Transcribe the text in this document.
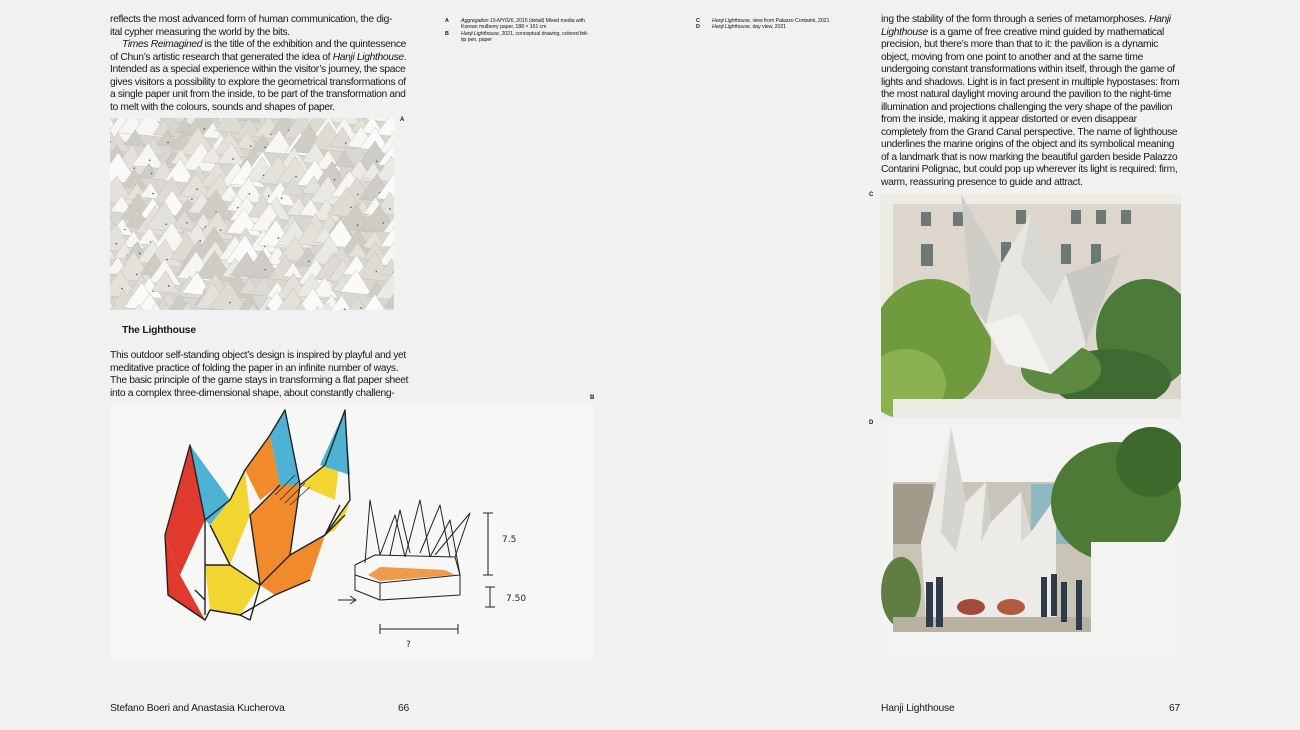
reflects the most advanced form of human communication, the dig-
ital cypher measuring the world by the bits.

Times Reimagined is the title of the exhibition and the quintessence of Chun’s artistic research that generated the idea of Hanji Lighthouse. Intended as a special experience within the visitor’s journey, the space gives visitors a possibility to explore the geometrical transformations of a single paper unit from the inside, to be part of the transformation and to melt with the colours, sounds and shapes of paper.

A
The Lighthouse

This outdoor self-standing object’s design is inspired by playful and yet meditative practice of folding the paper in an infinite number of ways. The basic principle of the game stays in transforming a flat paper sheet into a complex three-dimensional shape, about constantly challeng-

7.5
7.50
?
B
A	Aggregation 15-MY026, 2015 (detail) Mixed media with Korean mulberry paper, 188 × 161 cm
B	Hanji Lighthouse, 2021, conceptual drawing, colored felt-tip pen, paper
C	Hanji Lighthouse, view from Palazzo Contarini, 2021
D	Hanji Lighthouse, day view, 2021

ing the stability of the form through a series of metamorphoses. Hanji Lighthouse is a game of free creative mind guided by mathematical precision, but there’s more than that to it: the pavilion is a dynamic object, moving from one point to another and at the same time undergoing constant transformations within itself, through the game of lights and shadows. Light is in fact present in multiple hypostases: from the most natural daylight moving around the pavilion to the night-time illumination and projections challenging the very shape of the pavilion from the inside, making it appear distorted or even disappear completely from the Grand Canal perspective. The name of lighthouse underlines the marine origins of the object and its symbolical meaning of a landmark that is now marking the beautiful garden beside Palazzo Contarini Polignac, but could pop up wherever its light is required: firm, warm, reassuring presence to guide and attract.

C
D
Stefano Boeri and Anastasia Kucherova	66	Hanji Lighthouse	67
